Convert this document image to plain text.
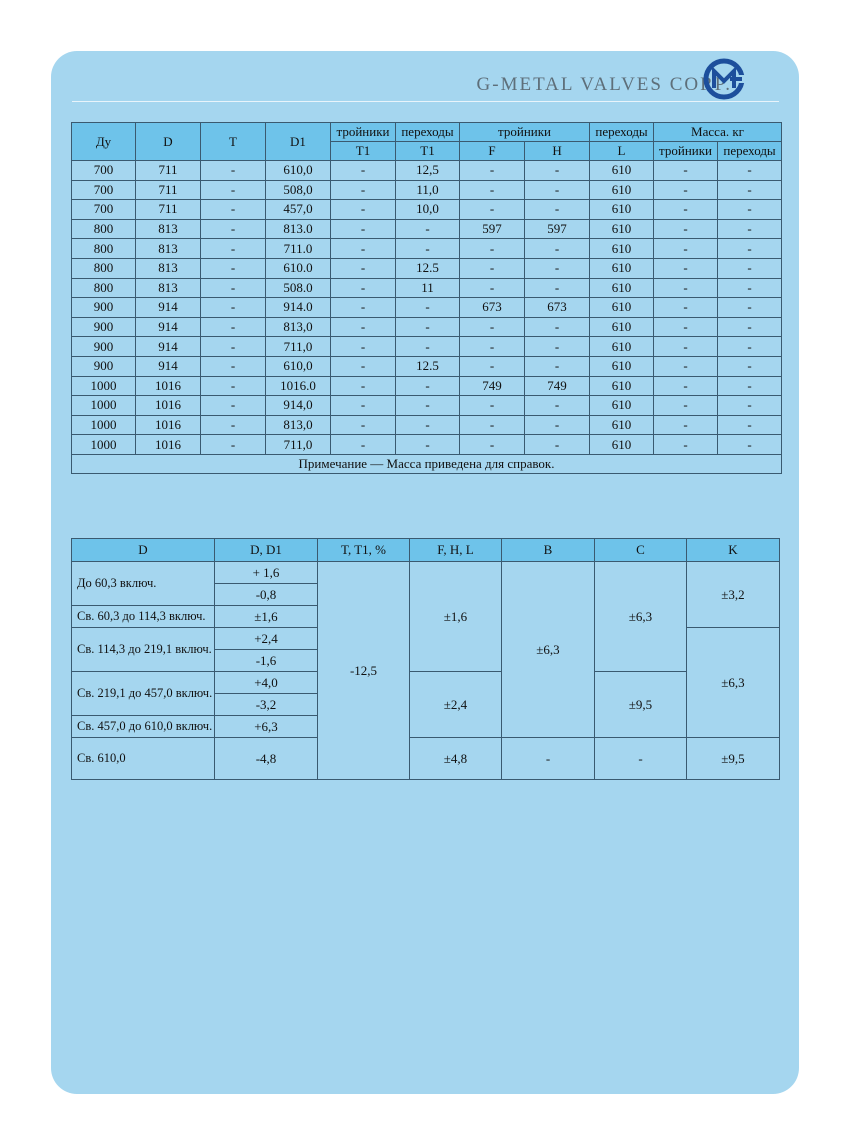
G-METAL VALVES CORP.
Ду	D	T	D1	тройники	переходы	тройники		переходы	Масса. кг	
				T1	T1	F	H	L	тройники	переходы
700	711	-	610,0	-	12,5	-	-	610	-	-
700	711	-	508,0	-	11,0	-	-	610	-	-
700	711	-	457,0	-	10,0	-	-	610	-	-
800	813	-	813.0	-	-	597	597	610	-	-
800	813	-	711.0	-	-	-	-	610	-	-
800	813	-	610.0	-	12.5	-	-	610	-	-
800	813	-	508.0	-	11	-	-	610	-	-
900	914	-	914.0	-	-	673	673	610	-	-
900	914	-	813,0	-	-	-	-	610	-	-
900	914	-	711,0	-	-	-	-	610	-	-
900	914	-	610,0	-	12.5	-	-	610	-	-
1000	1016	-	1016.0	-	-	749	749	610	-	-
1000	1016	-	914,0	-	-	-	-	610	-	-
1000	1016	-	813,0	-	-	-	-	610	-	-
1000	1016	-	711,0	-	-	-	-	610	-	-
Примечание — Масса приведена для справок.										
D	D, D1	T, T1, %	F, H, L	B	C	K
До 60,3 включ.	+ 1,6	-12,5	±1,6	±6,3	±6,3	±3,2
	-0,8					
Св. 60,3 до 114,3 включ.	±1,6					

Св. 114,3 до 219,1 включ.	+2,4					±6,3
	-1,6					
Св. 219,1 до 457,0 включ.	+4,0		±2,4		±9,5	
	-3,2					
Св. 457,0 до 610,0 включ.	+6,3					

Св. 610,0	-4,8		±4,8	-	-	±9,5
